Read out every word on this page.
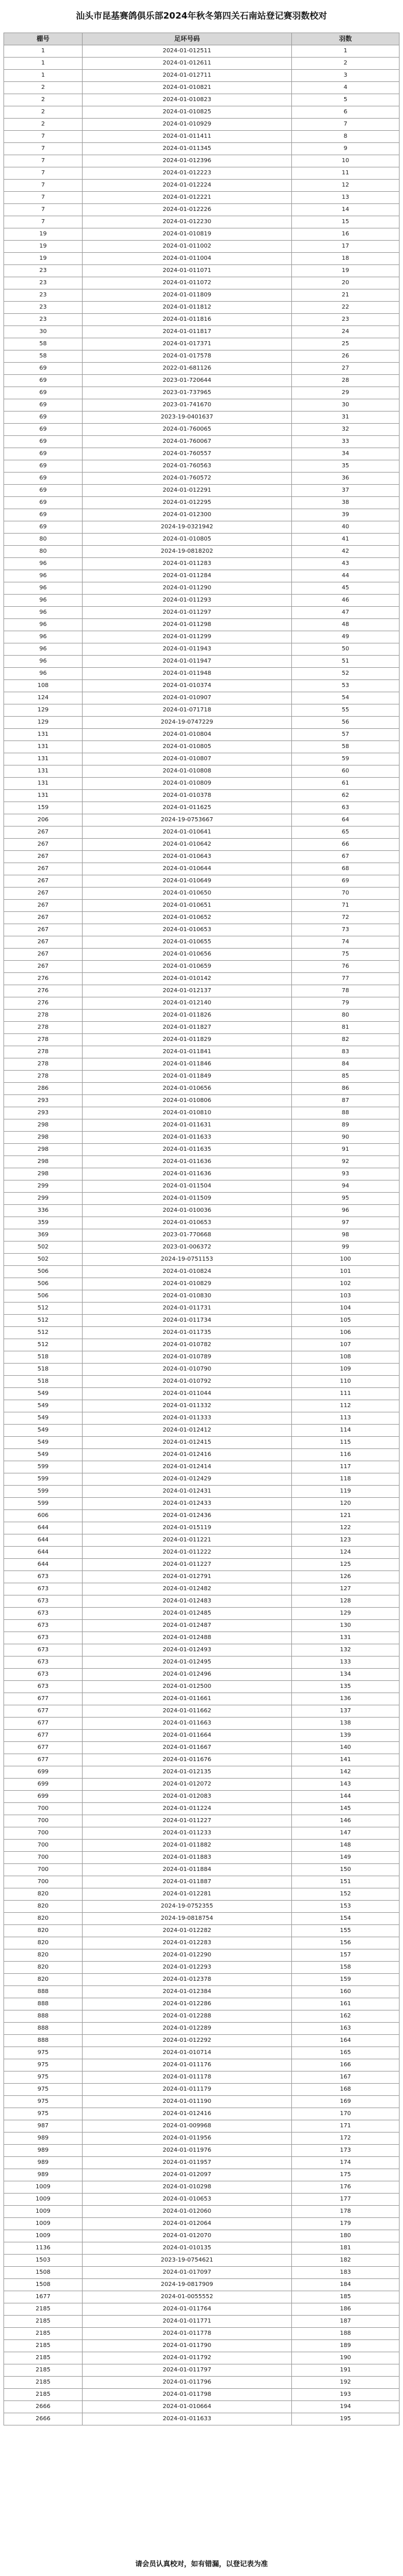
汕头市昆基赛鸽俱乐部2024年秋冬第四关石南站登记赛羽数校对
棚号	足环号码	羽数
1	2024-01-012511	1
1	2024-01-012611	2
1	2024-01-012711	3
2	2024-01-010821	4
2	2024-01-010823	5
2	2024-01-010825	6
2	2024-01-010929	7
7	2024-01-011411	8
7	2024-01-011345	9
7	2024-01-012396	10
7	2024-01-012223	11
7	2024-01-012224	12
7	2024-01-012221	13
7	2024-01-012226	14
7	2024-01-012230	15
19	2024-01-010819	16
19	2024-01-011002	17
19	2024-01-011004	18
23	2024-01-011071	19
23	2024-01-011072	20
23	2024-01-011809	21
23	2024-01-011812	22
23	2024-01-011816	23
30	2024-01-011817	24
58	2024-01-017371	25
58	2024-01-017578	26
69	2022-01-681126	27
69	2023-01-720644	28
69	2023-01-737965	29
69	2023-01-741670	30
69	2023-19-0401637	31
69	2024-01-760065	32
69	2024-01-760067	33
69	2024-01-760557	34
69	2024-01-760563	35
69	2024-01-760572	36
69	2024-01-012291	37
69	2024-01-012295	38
69	2024-01-012300	39
69	2024-19-0321942	40
80	2024-01-010805	41
80	2024-19-0818202	42
96	2024-01-011283	43
96	2024-01-011284	44
96	2024-01-011290	45
96	2024-01-011293	46
96	2024-01-011297	47
96	2024-01-011298	48
96	2024-01-011299	49
96	2024-01-011943	50
96	2024-01-011947	51
96	2024-01-011948	52
108	2024-01-010374	53
124	2024-01-010907	54
129	2024-01-071718	55
129	2024-19-0747229	56
131	2024-01-010804	57
131	2024-01-010805	58
131	2024-01-010807	59
131	2024-01-010808	60
131	2024-01-010809	61
131	2024-01-010378	62
159	2024-01-011625	63
206	2024-19-0753667	64
267	2024-01-010641	65
267	2024-01-010642	66
267	2024-01-010643	67
267	2024-01-010644	68
267	2024-01-010649	69
267	2024-01-010650	70
267	2024-01-010651	71
267	2024-01-010652	72
267	2024-01-010653	73
267	2024-01-010655	74
267	2024-01-010656	75
267	2024-01-010659	76
276	2024-01-010142	77
276	2024-01-012137	78
276	2024-01-012140	79
278	2024-01-011826	80
278	2024-01-011827	81
278	2024-01-011829	82
278	2024-01-011841	83
278	2024-01-011846	84
278	2024-01-011849	85
286	2024-01-010656	86
293	2024-01-010806	87
293	2024-01-010810	88
298	2024-01-011631	89
298	2024-01-011633	90
298	2024-01-011635	91
298	2024-01-011636	92
298	2024-01-011636	93
299	2024-01-011504	94
299	2024-01-011509	95
336	2024-01-010036	96
359	2024-01-010653	97
369	2023-01-770668	98
502	2023-01-006372	99
502	2024-19-0751153	100
506	2024-01-010824	101
506	2024-01-010829	102
506	2024-01-010830	103
512	2024-01-011731	104
512	2024-01-011734	105
512	2024-01-011735	106
512	2024-01-010782	107
518	2024-01-010789	108
518	2024-01-010790	109
518	2024-01-010792	110
549	2024-01-011044	111
549	2024-01-011332	112
549	2024-01-011333	113
549	2024-01-012412	114
549	2024-01-012415	115
549	2024-01-012416	116
599	2024-01-012414	117
599	2024-01-012429	118
599	2024-01-012431	119
599	2024-01-012433	120
606	2024-01-012436	121
644	2024-01-015119	122
644	2024-01-011221	123
644	2024-01-011222	124
644	2024-01-011227	125
673	2024-01-012791	126
673	2024-01-012482	127
673	2024-01-012483	128
673	2024-01-012485	129
673	2024-01-012487	130
673	2024-01-012488	131
673	2024-01-012493	132
673	2024-01-012495	133
673	2024-01-012496	134
673	2024-01-012500	135
677	2024-01-011661	136
677	2024-01-011662	137
677	2024-01-011663	138
677	2024-01-011664	139
677	2024-01-011667	140
677	2024-01-011676	141
699	2024-01-012135	142
699	2024-01-012072	143
699	2024-01-012083	144
700	2024-01-011224	145
700	2024-01-011227	146
700	2024-01-011233	147
700	2024-01-011882	148
700	2024-01-011883	149
700	2024-01-011884	150
700	2024-01-011887	151
820	2024-01-012281	152
820	2024-19-0752355	153
820	2024-19-0818754	154
820	2024-01-012282	155
820	2024-01-012283	156
820	2024-01-012290	157
820	2024-01-012293	158
820	2024-01-012378	159
888	2024-01-012384	160
888	2024-01-012286	161
888	2024-01-012288	162
888	2024-01-012289	163
888	2024-01-012292	164
975	2024-01-010714	165
975	2024-01-011176	166
975	2024-01-011178	167
975	2024-01-011179	168
975	2024-01-011190	169
975	2024-01-012416	170
987	2024-01-009968	171
989	2024-01-011956	172
989	2024-01-011976	173
989	2024-01-011957	174
989	2024-01-012097	175
1009	2024-01-010298	176
1009	2024-01-010653	177
1009	2024-01-012060	178
1009	2024-01-012064	179
1009	2024-01-012070	180
1136	2024-01-010135	181
1503	2023-19-0754621	182
1508	2024-01-017097	183
1508	2024-19-0817909	184
1677	2024-01-0055552	185
2185	2024-01-011764	186
2185	2024-01-011771	187
2185	2024-01-011778	188
2185	2024-01-011790	189
2185	2024-01-011792	190
2185	2024-01-011797	191
2185	2024-01-011796	192
2185	2024-01-011798	193
2666	2024-01-010664	194
2666	2024-01-011633	195
请会员认真校对，如有错漏，以登记表为准
